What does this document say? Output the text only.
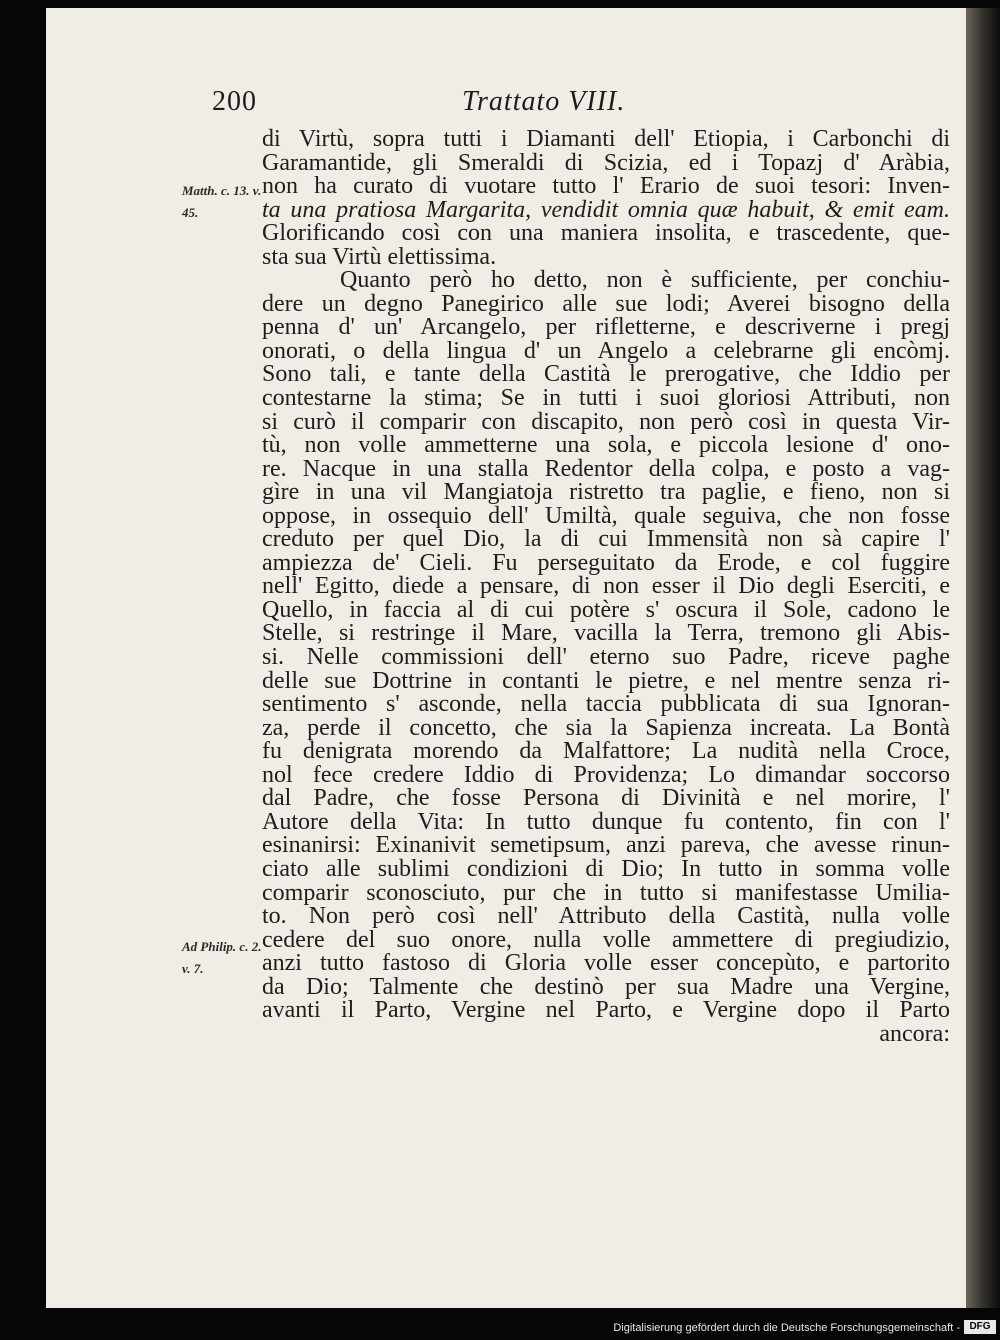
200	Trattato VIII.
Matth. c. 13. v. 45.
Ad Philip. c. 2. v. 7.
di Virtù, sopra tutti i Diamanti dell' Etiopia, i Carbonchi di
Garamantide, gli Smeraldi di Scizia, ed i Topazj d' Aràbia,
non ha curato di vuotare tutto l' Erario de suoi tesori: Inven-
ta una pratiosa Margarita, vendidit omnia quæ habuit, & emit eam.
Glorificando così con una maniera insolita, e trascedente, que-
sta sua Virtù elettissima.
Quanto però ho detto, non è sufficiente, per conchiu-
dere un degno Panegirico alle sue lodi; Averei bisogno della
penna d' un' Arcangelo, per rifletterne, e descriverne i pregj
onorati, o della lingua d' un Angelo a celebrarne gli encòmj.
Sono tali, e tante della Castità le prerogative, che Iddio per
contestarne la stima; Se in tutti i suoi gloriosi Attributi, non
si curò il comparir con discapito, non però così in questa Vir-
tù, non volle ammetterne una sola, e piccola lesione d' ono-
re. Nacque in una stalla Redentor della colpa, e posto a vag-
gìre in una vil Mangiatoja ristretto tra paglie, e fieno, non si
oppose, in ossequio dell' Umiltà, quale seguiva, che non fosse
creduto per quel Dio, la di cui Immensità non sà capire l'
ampiezza de' Cieli. Fu perseguitato da Erode, e col fuggire
nell' Egitto, diede a pensare, di non esser il Dio degli Eserciti, e
Quello, in faccia al di cui potère s' oscura il Sole, cadono le
Stelle, si restringe il Mare, vacilla la Terra, tremono gli Abis-
si. Nelle commissioni dell' eterno suo Padre, riceve paghe
delle sue Dottrine in contanti le pietre, e nel mentre senza ri-
sentimento s' asconde, nella taccia pubblicata di sua Ignoran-
za, perde il concetto, che sia la Sapienza increata. La Bontà
fu denigrata morendo da Malfattore; La nudità nella Croce,
nol fece credere Iddio di Providenza; Lo dimandar soccorso
dal Padre, che fosse Persona di Divinità e nel morire, l'
Autore della Vita: In tutto dunque fu contento, fin con l'
esinanirsi: Exinanivit semetipsum, anzi pareva, che avesse rinun-
ciato alle sublimi condizioni di Dio; In tutto in somma volle
comparir sconosciuto, pur che in tutto si manifestasse Umilia-
to. Non però così nell' Attributo della Castità, nulla volle
cedere del suo onore, nulla volle ammettere di pregiudizio,
anzi tutto fastoso di Gloria volle esser concepùto, e partorito
da Dio; Talmente che destinò per sua Madre una Vergine,
avanti il Parto, Vergine nel Parto, e Vergine dopo il Parto
ancora:
Digitalisierung gefördert durch die Deutsche Forschungsgemeinschaft - DFG
